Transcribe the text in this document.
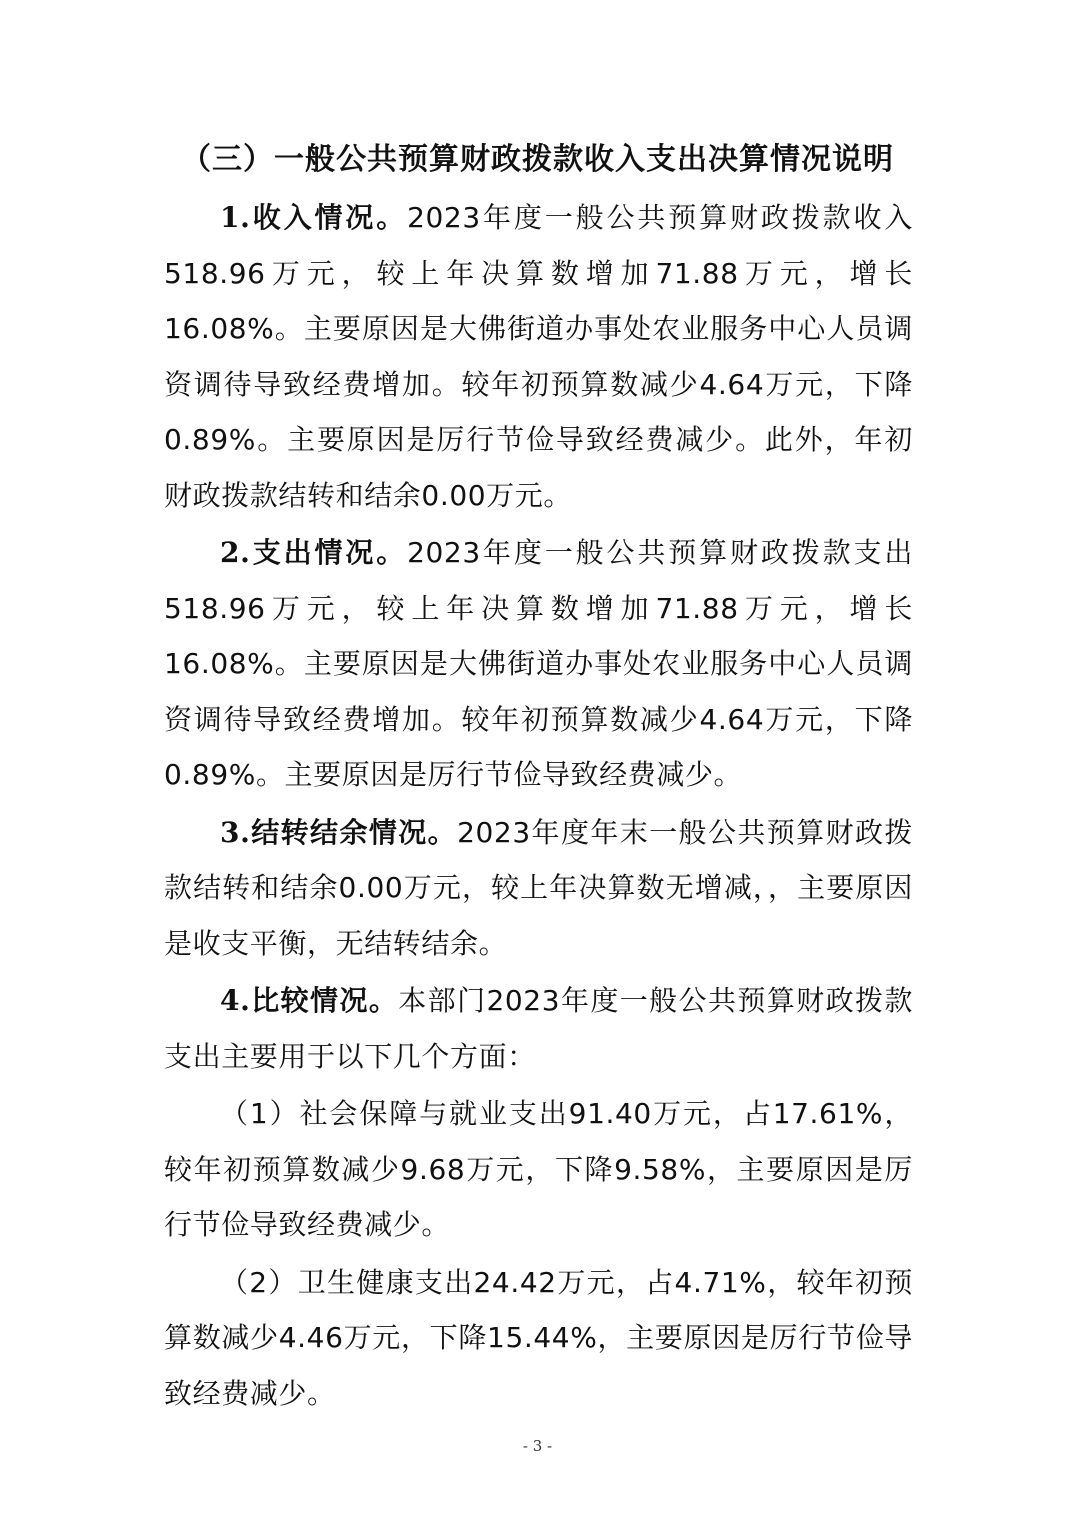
（三）一般公共预算财政拨款收入支出决算情况说明

1.收入情况。2023年度一般公共预算财政拨款收入518.96万元，较上年决算数增加71.88万元，增长16.08%。主要原因是大佛街道办事处农业服务中心人员调资调待导致经费增加。较年初预算数减少4.64万元，下降0.89%。主要原因是厉行节俭导致经费减少。此外，年初财政拨款结转和结余0.00万元。

2.支出情况。2023年度一般公共预算财政拨款支出518.96万元，较上年决算数增加71.88万元，增长16.08%。主要原因是大佛街道办事处农业服务中心人员调资调待导致经费增加。较年初预算数减少4.64万元，下降0.89%。主要原因是厉行节俭导致经费减少。

3.结转结余情况。2023年度年末一般公共预算财政拨款结转和结余0.00万元，较上年决算数无增减，，主要原因是收支平衡，无结转结余。

4.比较情况。本部门2023年度一般公共预算财政拨款支出主要用于以下几个方面：

（1）社会保障与就业支出91.40万元，占17.61%，较年初预算数减少9.68万元，下降9.58%，主要原因是厉行节俭导致经费减少。

（2）卫生健康支出24.42万元，占4.71%，较年初预算数减少4.46万元，下降15.44%，主要原因是厉行节俭导致经费减少。

- 3 -
